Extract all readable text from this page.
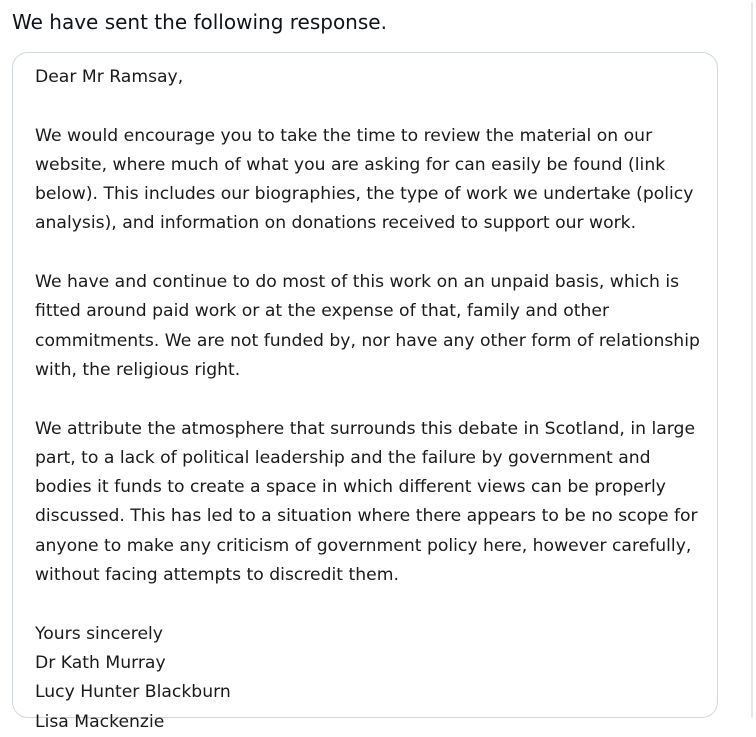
We have sent the following response.

Dear Mr Ramsay,

We would encourage you to take the time to review the material on our website, where much of what you are asking for can easily be found (link below). This includes our biographies, the type of work we undertake (policy analysis), and information on donations received to support our work.

We have and continue to do most of this work on an unpaid basis, which is fitted around paid work or at the expense of that, family and other commitments. We are not funded by, nor have any other form of relationship with, the religious right.

We attribute the atmosphere that surrounds this debate in Scotland, in large part, to a lack of political leadership and the failure by government and bodies it funds to create a space in which different views can be properly discussed. This has led to a situation where there appears to be no scope for anyone to make any criticism of government policy here, however carefully, without facing attempts to discredit them.

Yours sincerely

Dr Kath Murray

Lucy Hunter Blackburn

Lisa Mackenzie
